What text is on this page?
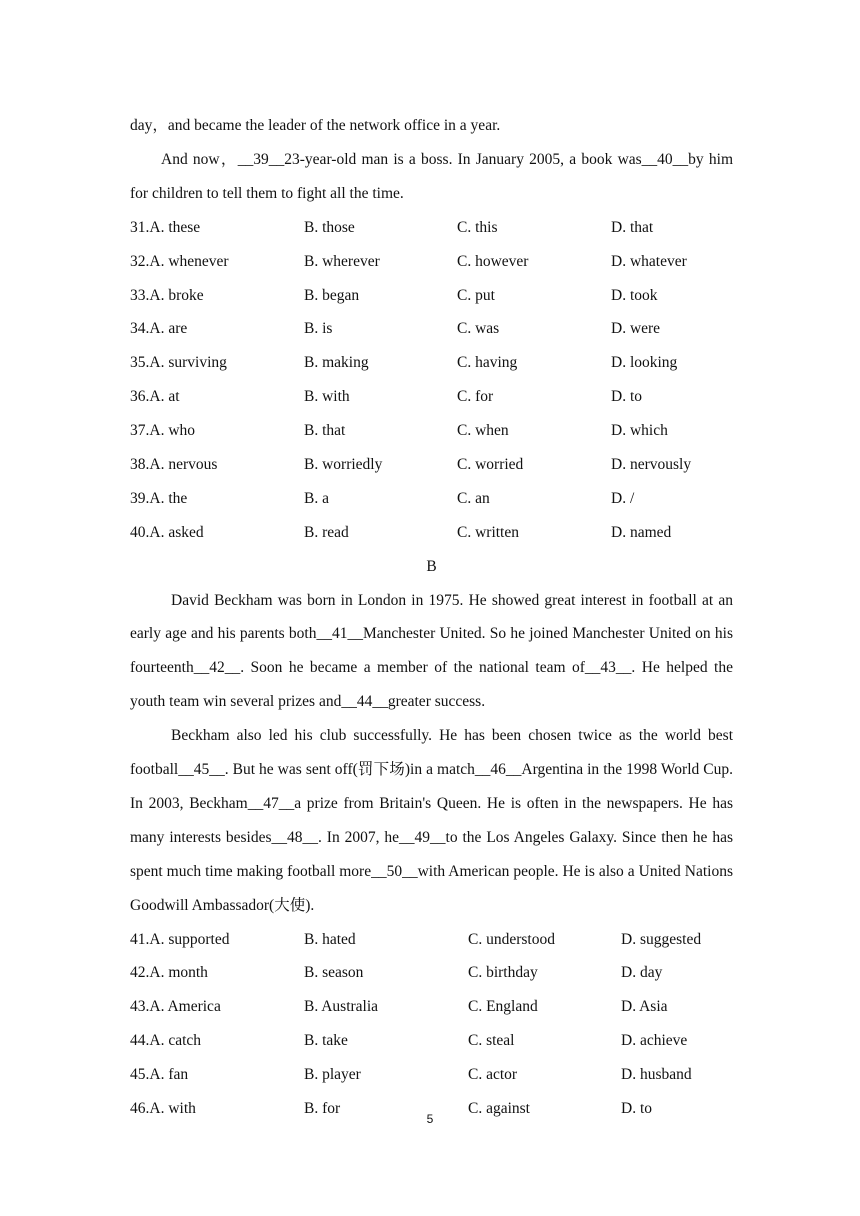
day，and became the leader of the network office in a year.

And now，__39__23-year-old man is a boss. In January 2005, a book was__40__by him for children to tell them to fight all the time.

31.A. these	B. those	C. this	D. that
32.A. whenever	B. wherever	C. however	D. whatever
33.A. broke	B. began	C. put	D. took
34.A. are	B. is	C. was	D. were
35.A. surviving	B. making	C. having	D. looking
36.A. at	B. with	C. for	D. to
37.A. who	B. that	C. when	D. which
38.A. nervous	B. worriedly	C. worried	D. nervously
39.A. the	B. a	C. an	D. /
40.A. asked	B. read	C. written	D. named
B

David Beckham was born in London in 1975. He showed great interest in football at an early age and his parents both__41__Manchester United. So he joined Manchester United on his fourteenth__42__. Soon he became a member of the national team of__43__. He helped the youth team win several prizes and__44__greater success.

Beckham also led his club successfully. He has been chosen twice as the world best football__45__. But he was sent off(罚下场)in a match__46__Argentina in the 1998 World Cup. In 2003, Beckham__47__a prize from Britain's Queen. He is often in the newspapers. He has many interests besides__48__. In 2007, he__49__to the Los Angeles Galaxy. Since then he has spent much time making football more__50__with American people. He is also a United Nations Goodwill Ambassador(大使).

41.A. supported	B. hated	C. understood	D. suggested
42.A. month	B. season	C. birthday	D. day
43.A. America	B. Australia	C. England	D. Asia
44.A. catch	B. take	C. steal	D. achieve
45.A. fan	B. player	C. actor	D. husband
46.A. with	B. for	C. against	D. to
5
